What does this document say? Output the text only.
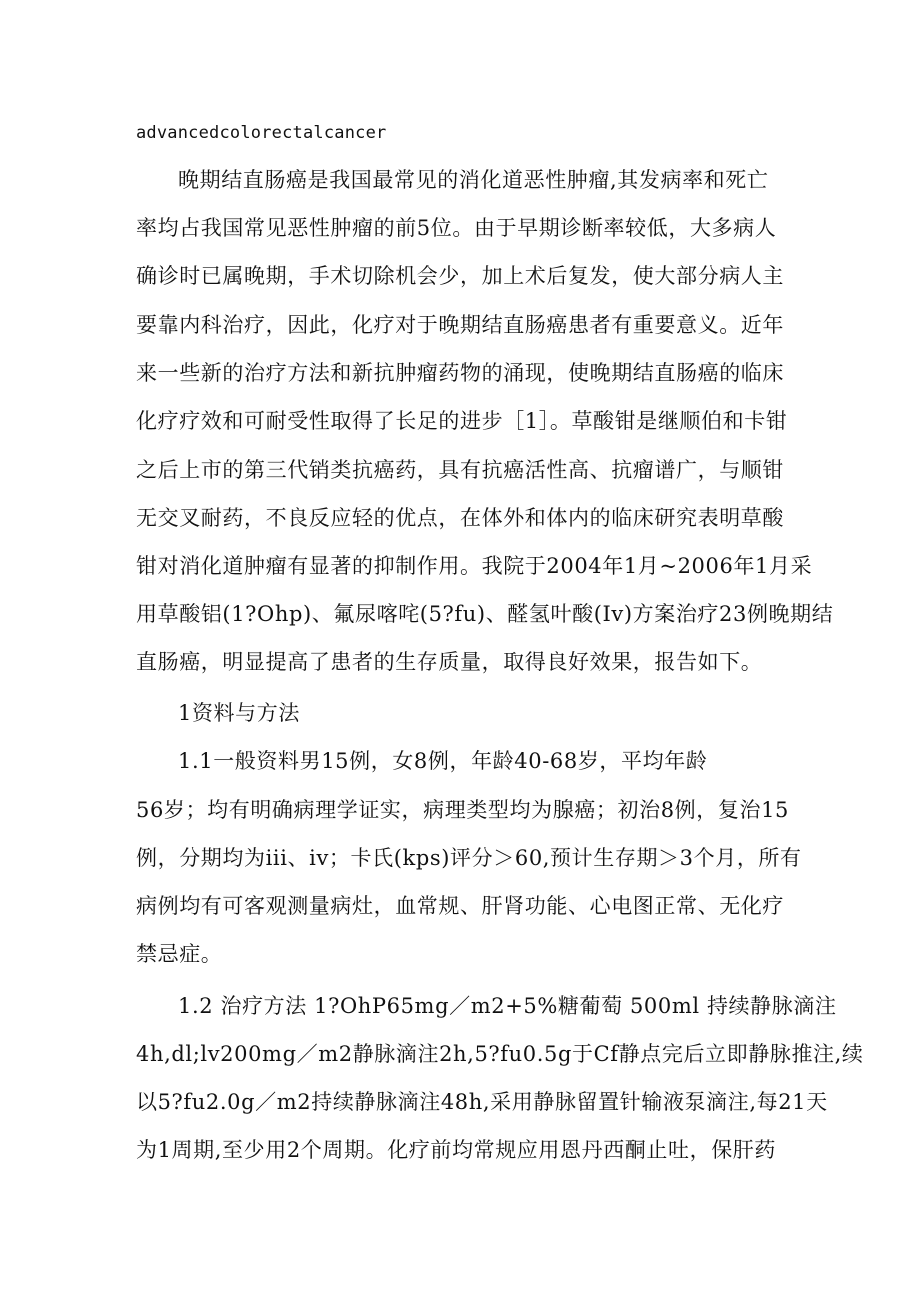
advancedcolorectalcancer
晚期结直肠癌是我国最常见的消化道恶性肿瘤,其发病率和死亡
率均占我国常见恶性肿瘤的前5位。由于早期诊断率较低，大多病人
确诊时已属晚期，手术切除机会少，加上术后复发，使大部分病人主
要靠内科治疗，因此，化疗对于晚期结直肠癌患者有重要意义。近年
来一些新的治疗方法和新抗肿瘤药物的涌现，使晚期结直肠癌的临床
化疗疗效和可耐受性取得了长足的进步［1］。草酸钳是继顺伯和卡钳
之后上市的第三代销类抗癌药，具有抗癌活性高、抗瘤谱广，与顺钳
无交叉耐药，不良反应轻的优点，在体外和体内的临床研究表明草酸
钳对消化道肿瘤有显著的抑制作用。我院于2004年1月~2006年1月采
用草酸铝(1?Ohp)、氟尿喀咤(5?fu)、醛氢叶酸(Iv)方案治疗23例晚期结
直肠癌，明显提高了患者的生存质量，取得良好效果，报告如下。
1资料与方法
1.1一般资料男15例，女8例，年龄40-68岁，平均年龄
56岁；均有明确病理学证实，病理类型均为腺癌；初治8例，复治15
例，分期均为iii、iv；卡氏(kps)评分＞60,预计生存期＞3个月，所有
病例均有可客观测量病灶，血常规、肝肾功能、心电图正常、无化疗
禁忌症。
1.2 治疗方法 1?OhP65mg／m2+5%糖葡萄 500ml 持续静脉滴注
4h,dl;lv200mg／m2静脉滴注2h,5?fu0.5g于Cf静点完后立即静脉推注,续
以5?fu2.0g／m2持续静脉滴注48h,采用静脉留置针输液泵滴注,每21天
为1周期,至少用2个周期。化疗前均常规应用恩丹西酮止吐，保肝药
